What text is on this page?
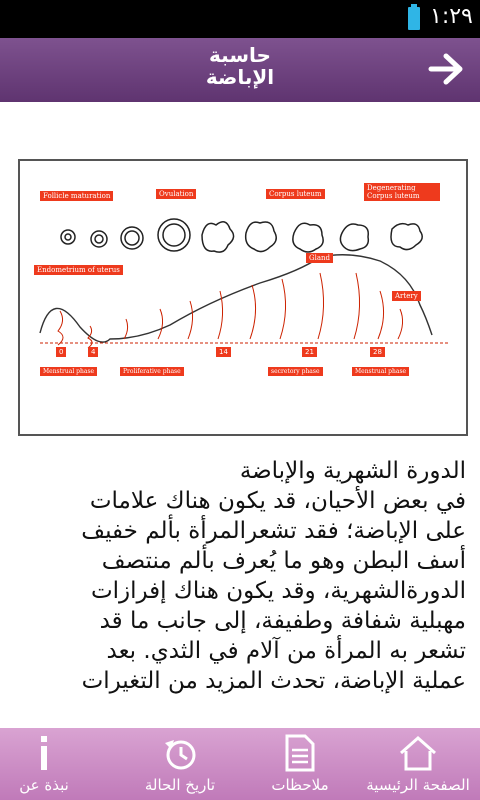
١:٢٩
حاسبة
الإباضة
Follicle maturation	Ovulation	Corpus luteum
Degenerating Corpus luteum
Endometrium of uterus
Gland
Artery
0	4	14	21	28
Menstrual phase	Proliferative phase	secretory phase	Menstrual phase

الدورة الشهرية والإباضة

في بعض الأحيان، قد يكون هناك علامات

على الإباضة؛ فقد تشعرالمرأة بألم خفيف

أسف البطن وهو ما يُعرف بألم منتصف

الدورةالشهرية، وقد يكون هناك إفرازات

مهبلية شفافة وطفيفة، إلى جانب ما قد

تشعر به المرأة من آلام في الثدي. بعد

عملية الإباضة، تحدث المزيد من التغيرات

نبذة عن	تاريخ الحالة	ملاحظات	الصفحة الرئيسية
